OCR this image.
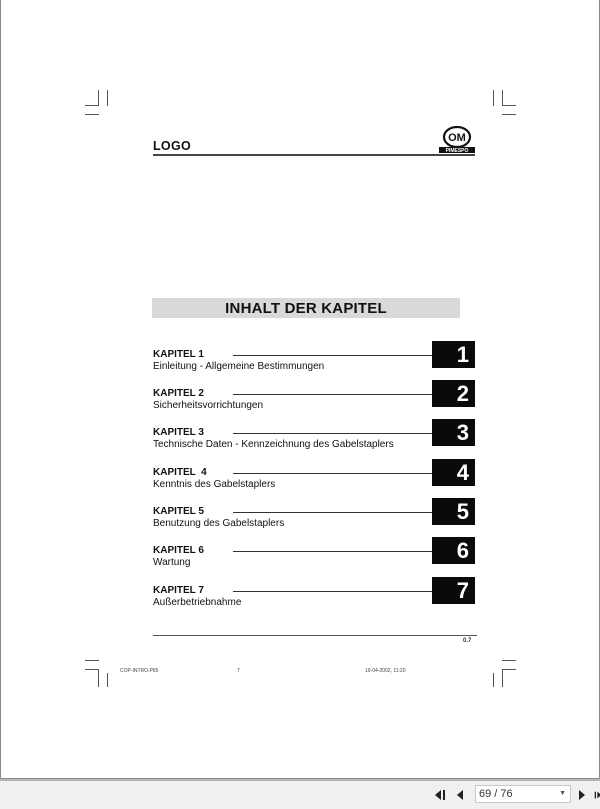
LOGO
OM
PIMESPO
INHALT DER KAPITEL
KAPITEL 1
Einleitung - Allgemeine Bestimmungen	1
KAPITEL 2
Sicherheitsvorrichtungen	2
KAPITEL 3
Technische Daten - Kennzeichnung des Gabelstaplers	3
KAPITEL  4
Kenntnis des Gabelstaplers	4
KAPITEL 5
Benutzung des Gabelstaplers	5
KAPITEL 6
Wartung	6
KAPITEL 7
Außerbetriebnahme	7
0.7
COP-INTRO.P65	7	19-04-2002, 11:20
69 / 76	▼
